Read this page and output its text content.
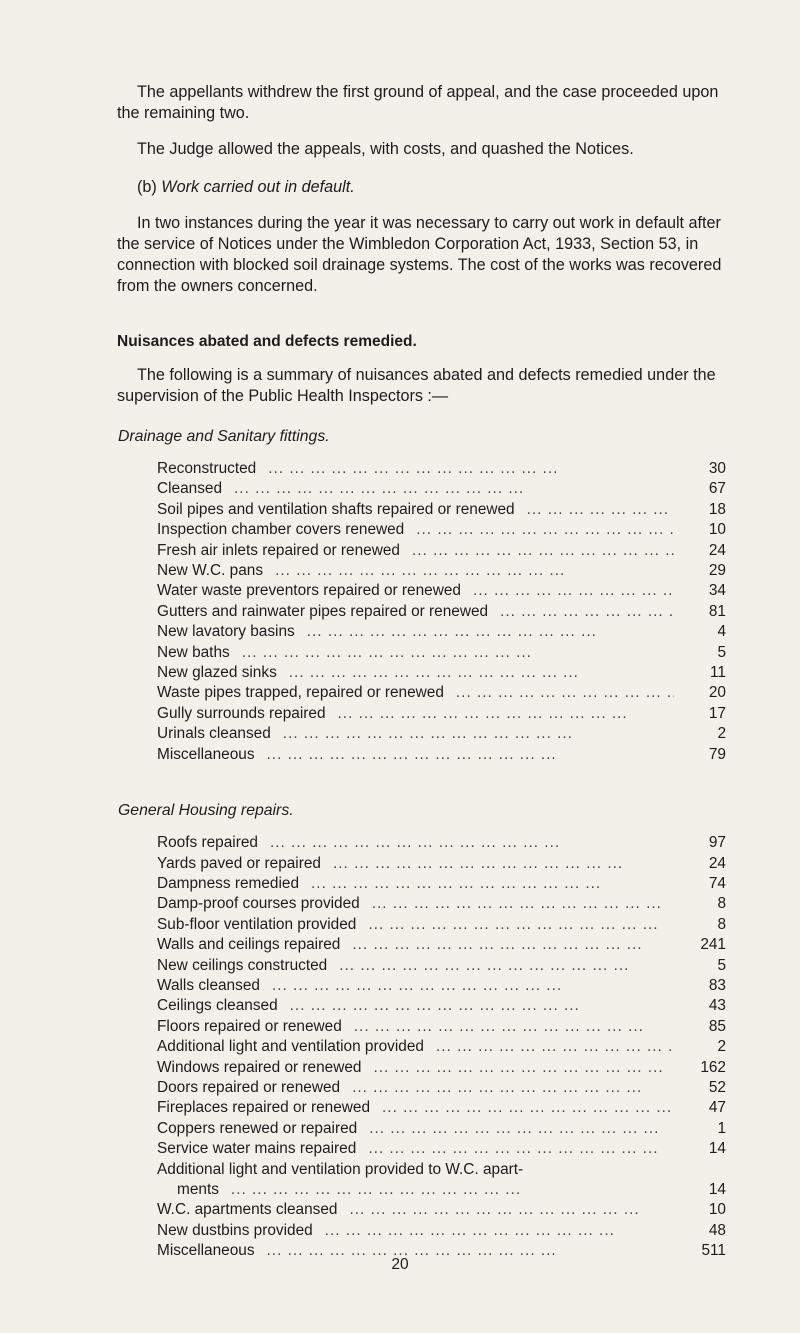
The appellants withdrew the first ground of appeal, and the case proceeded upon the remaining two.

The Judge allowed the appeals, with costs, and quashed the Notices.

(b) Work carried out in default.

In two instances during the year it was necessary to carry out work in default after the service of Notices under the Wimbledon Corporation Act, 1933, Section 53, in connection with blocked soil drainage systems. The cost of the works was recovered from the owners concerned.

Nuisances abated and defects remedied.

The following is a summary of nuisances abated and defects remedied under the supervision of the Public Health Inspectors :—

Drainage and Sanitary fittings.

Reconstructed ... .	30
Cleansed ... .	67
Soil pipes and ventilation shafts repaired or renewed ... .	18
Inspection chamber covers renewed ... .	10
Fresh air inlets repaired or renewed ... .	24
New W.C. pans ... .	29
Water waste preventors repaired or renewed ... .	34
Gutters and rainwater pipes repaired or renewed ... .	81
New lavatory basins ... .	4
New baths ... .	5
New glazed sinks ... .	11
Waste pipes trapped, repaired or renewed ... .	20
Gully surrounds repaired ... .	17
Urinals cleansed ... .	2
Miscellaneous ... .	79

General Housing repairs.

Roofs repaired ... .	97
Yards paved or repaired ... .	24
Dampness remedied ... .	74
Damp-proof courses provided ... .	8
Sub-floor ventilation provided ... .	8
Walls and ceilings repaired ... .	241
New ceilings constructed ... .	5
Walls cleansed ... .	83
Ceilings cleansed ... .	43
Floors repaired or renewed ... .	85
Additional light and ventilation provided ... .	2
Windows repaired or renewed ... .	162
Doors repaired or renewed ... .	52
Fireplaces repaired or renewed ... .	47
Coppers renewed or repaired ... .	1
Service water mains repaired ... .	14
Additional light and ventilation provided to W.C. apart-
ments ... .	14
W.C. apartments cleansed ... .	10
New dustbins provided ... .	48
Miscellaneous ... .	511
20
